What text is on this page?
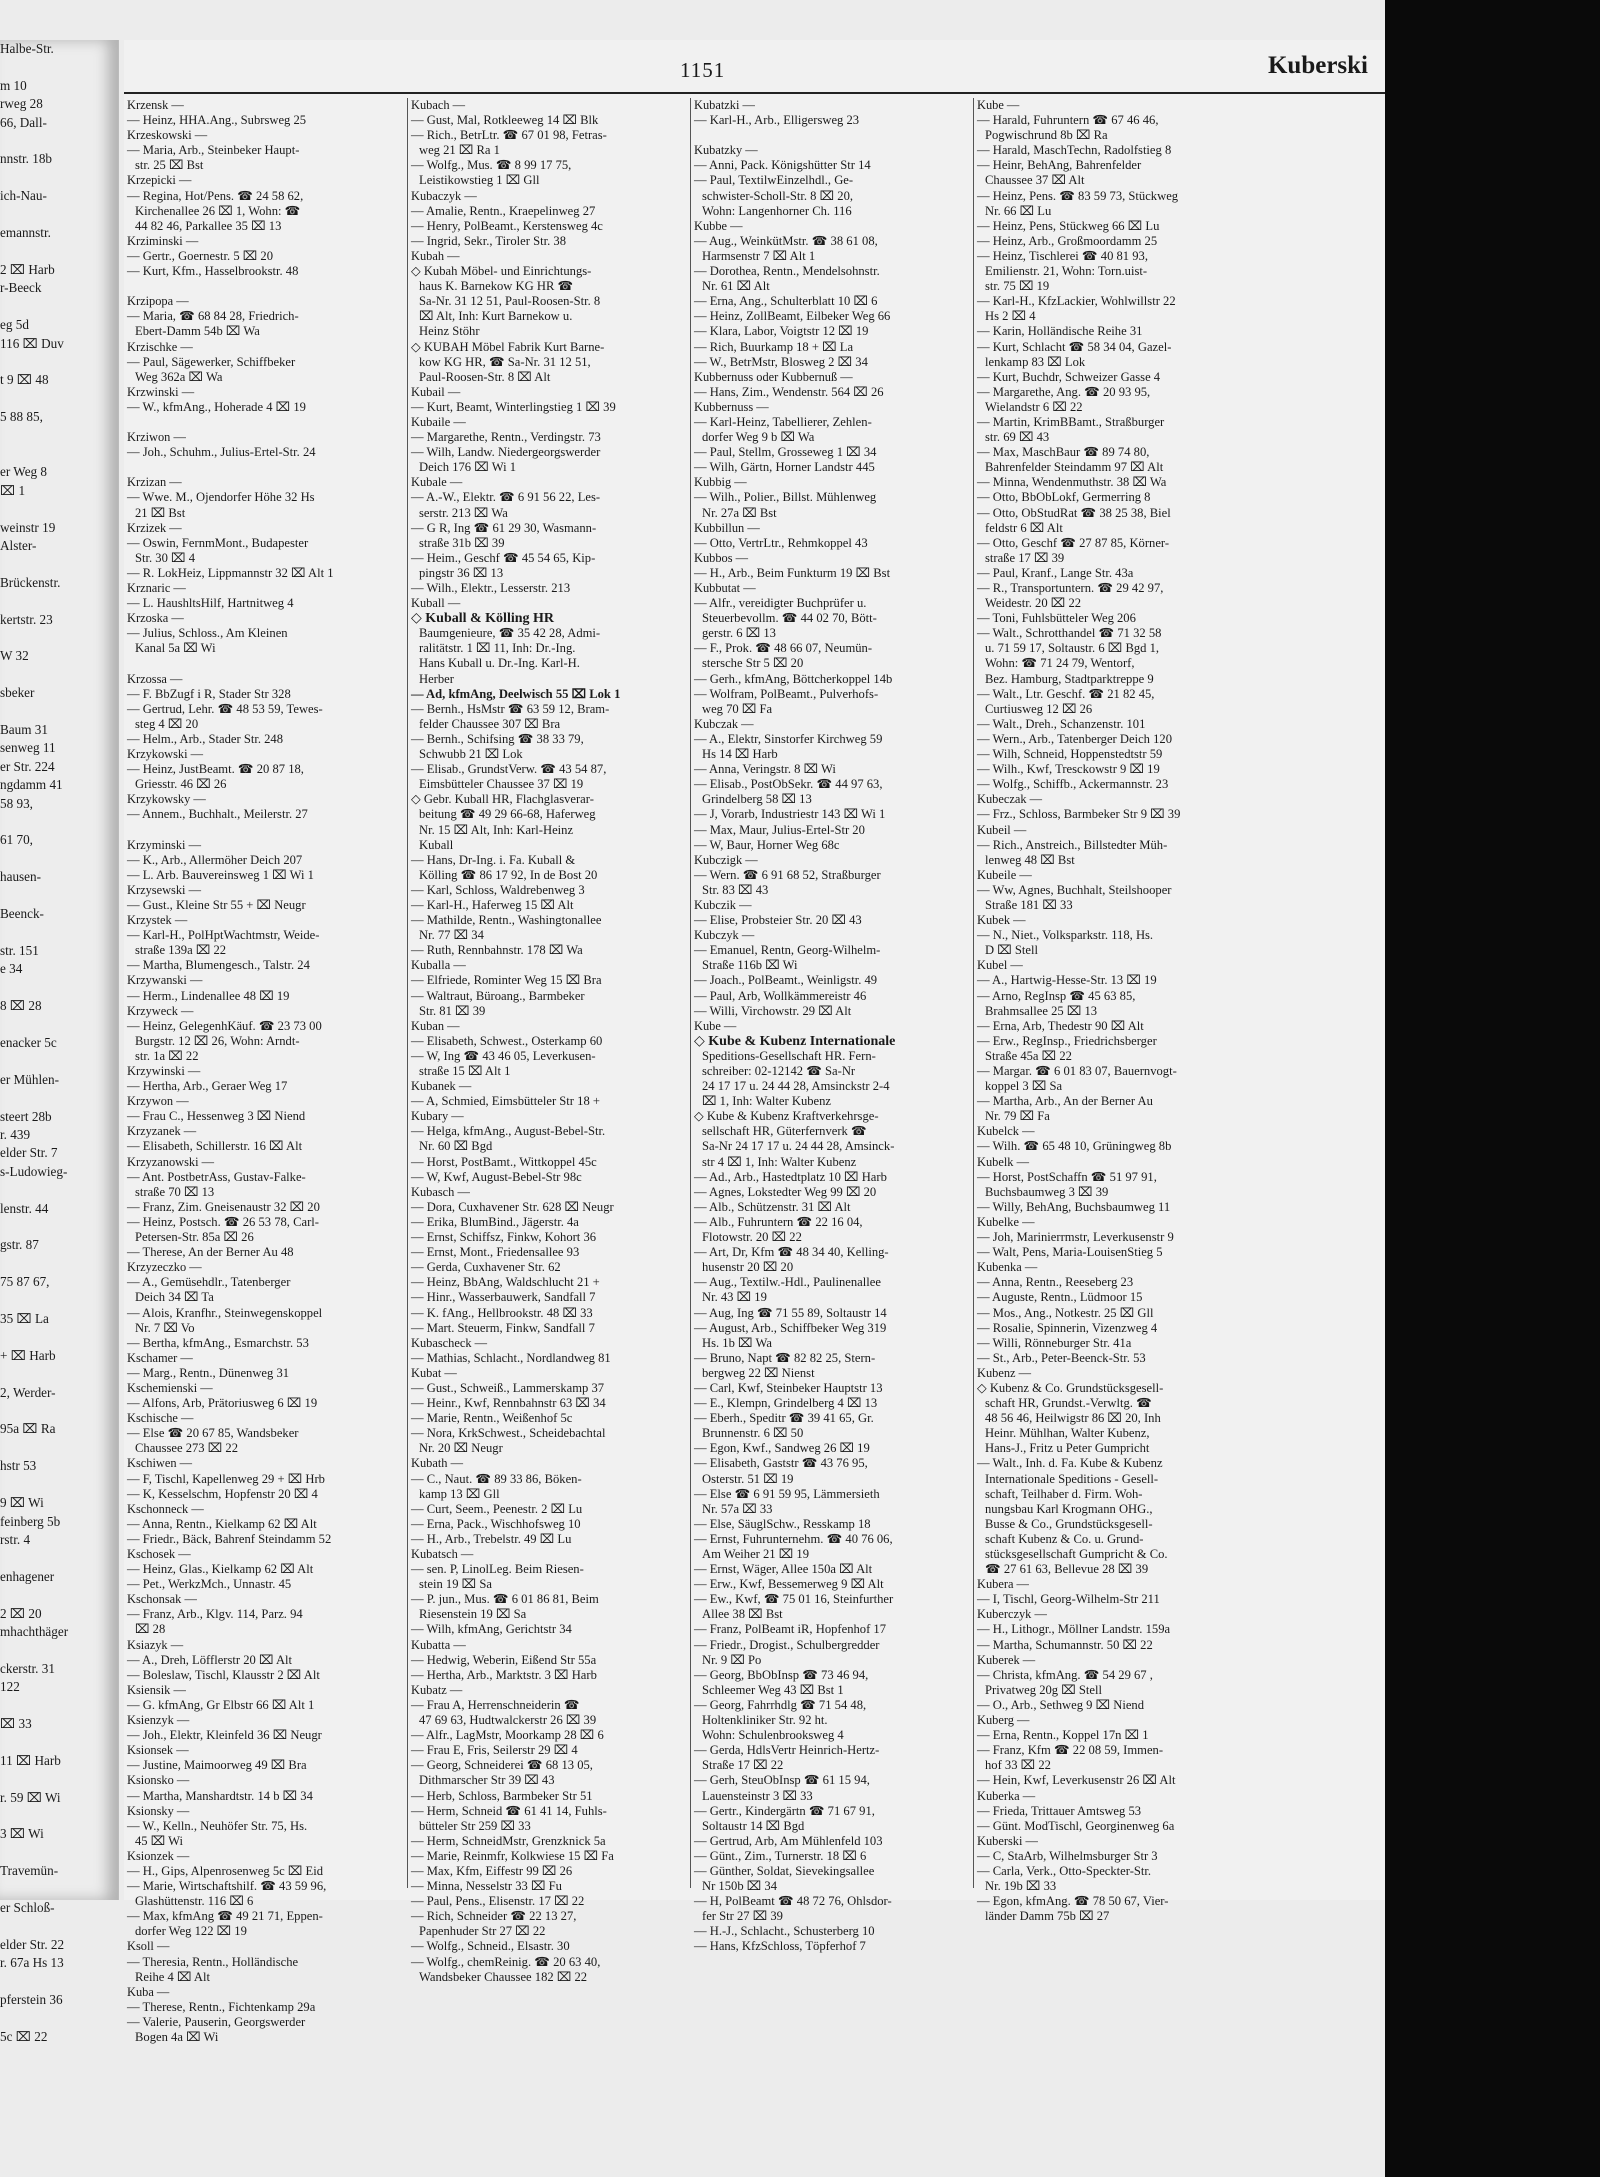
Halbe-Str.

m 10
rweg 28
66, Dall-

nnstr. 18b

ich-Nau-

emannstr.

2 ⌧ Harb
r-Beeck

eg 5d
116 ⌧ Duv

t 9 ⌧ 48

5 88 85,

er Weg 8
⌧ 1

weinstr 19
Alster-

Brückenstr.

kertstr. 23

W 32

sbeker

Baum 31
senweg 11
er Str. 224
ngdamm 41
58 93,

61 70,

hausen-

Beenck-

str. 151
e 34

8 ⌧ 28

enacker 5c

er Mühlen-

steert 28b
r. 439
elder Str. 7
s-Ludowieg-

lenstr. 44

gstr. 87

75 87 67,

35 ⌧ La

+ ⌧ Harb

2, Werder-

95a ⌧ Ra

hstr 53

9 ⌧ Wi
feinberg 5b
rstr. 4

enhagener

2 ⌧ 20
mhachthäger

ckerstr. 31
122

⌧ 33

11 ⌧ Harb

r. 59 ⌧ Wi

3 ⌧ Wi

Travemün-

er Schloß-

elder Str. 22
r. 67a Hs 13

pferstein 36

5c ⌧ 22
1151	Kuberski
Krzensk —
— Heinz, HHA.Ang., Subrsweg 25
Krzeskowski —
— Maria, Arb., Steinbeker Haupt-
str. 25 ⌧ Bst
Krzepicki —
— Regina, Hot/Pens. ☎ 24 58 62,
Kirchenallee 26 ⌧ 1, Wohn: ☎
44 82 46, Parkallee 35 ⌧ 13
Krziminski —
— Gertr., Goernestr. 5 ⌧ 20
— Kurt, Kfm., Hasselbrookstr. 48

Krzipopa —
— Maria, ☎ 68 84 28, Friedrich-
Ebert-Damm 54b ⌧ Wa
Krzischke —
— Paul, Sägewerker, Schiffbeker
Weg 362a ⌧ Wa
Krzwinski —
— W., kfmAng., Hoherade 4 ⌧ 19

Krziwon —
— Joh., Schuhm., Julius-Ertel-Str. 24

Krzizan —
— Wwe. M., Ojendorfer Höhe 32 Hs
21 ⌧ Bst
Krzizek —
— Oswin, FernmMont., Budapester
Str. 30 ⌧ 4
— R. LokHeiz, Lippmannstr 32 ⌧ Alt 1
Krznaric —
— L. HaushltsHilf, Hartnitweg 4
Krzoska —
— Julius, Schloss., Am Kleinen
Kanal 5a ⌧ Wi

Krzossa —
— F. BbZugf i R, Stader Str 328
— Gertrud, Lehr. ☎ 48 53 59, Tewes-
steg 4 ⌧ 20
— Helm., Arb., Stader Str. 248
Krzykowski —
— Heinz, JustBeamt. ☎ 20 87 18,
Griesstr. 46 ⌧ 26
Krzykowsky —
— Annem., Buchhalt., Meilerstr. 27

Krzyminski —
— K., Arb., Allermöher Deich 207
— L. Arb. Bauvereinsweg 1 ⌧ Wi 1
Krzysewski —
— Gust., Kleine Str 55 + ⌧ Neugr
Krzystek —
— Karl-H., PolHptWachtmstr, Weide-
straße 139a ⌧ 22
— Martha, Blumengesch., Talstr. 24
Krzywanski —
— Herm., Lindenallee 48 ⌧ 19
Krzyweck —
— Heinz, GelegenhKäuf. ☎ 23 73 00
Burgstr. 12 ⌧ 26, Wohn: Arndt-
str. 1a ⌧ 22
Krzywinski —
— Hertha, Arb., Geraer Weg 17
Krzywon —
— Frau C., Hessenweg 3 ⌧ Niend
Krzyzanek —
— Elisabeth, Schillerstr. 16 ⌧ Alt
Krzyzanowski —
— Ant. PostbetrAss, Gustav-Falke-
straße 70 ⌧ 13
— Franz, Zim. Gneisenaustr 32 ⌧ 20
— Heinz, Postsch. ☎ 26 53 78, Carl-
Petersen-Str. 85a ⌧ 26
— Therese, An der Berner Au 48
Krzyzeczko —
— A., Gemüsehdlr., Tatenberger
Deich 34 ⌧ Ta
— Alois, Kranfhr., Steinwegenskoppel
Nr. 7 ⌧ Vo
— Bertha, kfmAng., Esmarchstr. 53
Kschamer —
— Marg., Rentn., Dünenweg 31
Kschemienski —
— Alfons, Arb, Prätoriusweg 6 ⌧ 19
Kschische —
— Else ☎ 20 67 85, Wandsbeker
Chaussee 273 ⌧ 22
Kschiwen —
— F, Tischl, Kapellenweg 29 + ⌧ Hrb
— K, Kesselschm, Hopfenstr 20 ⌧ 4
Kschonneck —
— Anna, Rentn., Kielkamp 62 ⌧ Alt
— Friedr., Bäck, Bahrenf Steindamm 52
Kschosek —
— Heinz, Glas., Kielkamp 62 ⌧ Alt
— Pet., WerkzMch., Unnastr. 45
Kschonsak —
— Franz, Arb., Klgv. 114, Parz. 94
⌧ 28
Ksiazyk —
— A., Dreh, Löfflerstr 20 ⌧ Alt
— Boleslaw, Tischl, Klausstr 2 ⌧ Alt
Ksiensik —
— G. kfmAng, Gr Elbstr 66 ⌧ Alt 1
Ksienzyk —
— Joh., Elektr, Kleinfeld 36 ⌧ Neugr
Ksionsek —
— Justine, Maimoorweg 49 ⌧ Bra
Ksionsko —
— Martha, Manshardtstr. 14 b ⌧ 34
Ksionsky —
— W., Kelln., Neuhöfer Str. 75, Hs.
45 ⌧ Wi
Ksionzek —
— H., Gips, Alpenrosenweg 5c ⌧ Eid
— Marie, Wirtschaftshilf. ☎ 43 59 96,
Glashüttenstr. 116 ⌧ 6
— Max, kfmAng ☎ 49 21 71, Eppen-
dorfer Weg 122 ⌧ 19
Ksoll —
— Theresia, Rentn., Holländische
Reihe 4 ⌧ Alt
Kuba —
— Therese, Rentn., Fichtenkamp 29a
— Valerie, Pauserin, Georgswerder
Bogen 4a ⌧ Wi
Kubach —
— Gust, Mal, Rotkleeweg 14 ⌧ Blk
— Rich., BetrLtr. ☎ 67 01 98, Fetras-
weg 21 ⌧ Ra 1
— Wolfg., Mus. ☎ 8 99 17 75,
Leistikowstieg 1 ⌧ Gll
Kubaczyk —
— Amalie, Rentn., Kraepelinweg 27
— Henry, PolBeamt., Kerstensweg 4c
— Ingrid, Sekr., Tiroler Str. 38
Kubah —
◇ Kubah Möbel- und Einrichtungs-
haus K. Barnekow KG HR ☎
Sa-Nr. 31 12 51, Paul-Roosen-Str. 8
⌧ Alt, Inh: Kurt Barnekow u.
Heinz Stöhr
◇ KUBAH Möbel Fabrik Kurt Barne-
kow KG HR, ☎ Sa-Nr. 31 12 51,
Paul-Roosen-Str. 8 ⌧ Alt
Kubail —
— Kurt, Beamt, Winterlingstieg 1 ⌧ 39
Kubaile —
— Margarethe, Rentn., Verdingstr. 73
— Wilh, Landw. Niedergeorgswerder
Deich 176 ⌧ Wi 1
Kubale —
— A.-W., Elektr. ☎ 6 91 56 22, Les-
serstr. 213 ⌧ Wa
— G R, Ing ☎ 61 29 30, Wasmann-
straße 31b ⌧ 39
— Heim., Geschf ☎ 45 54 65, Kip-
pingstr 36 ⌧ 13
— Wilh., Elektr., Lesserstr. 213
Kuball —
◇ Kuball & Kölling HR
Baumgenieure, ☎ 35 42 28, Admi-
ralitätstr. 1 ⌧ 11, Inh: Dr.-Ing.
Hans Kuball u. Dr.-Ing. Karl-H.
Herber
— Ad, kfmAng, Deelwisch 55 ⌧ Lok 1
— Bernh., HsMstr ☎ 63 59 12, Bram-
felder Chaussee 307 ⌧ Bra
— Bernh., Schifsing ☎ 38 33 79,
Schwubb 21 ⌧ Lok
— Elisab., GrundstVerw. ☎ 43 54 87,
Eimsbütteler Chaussee 37 ⌧ 19
◇ Gebr. Kuball HR, Flachglasverar-
beitung ☎ 49 29 66-68, Haferweg
Nr. 15 ⌧ Alt, Inh: Karl-Heinz
Kuball
— Hans, Dr-Ing. i. Fa. Kuball &
Kölling ☎ 86 17 92, In de Bost 20
— Karl, Schloss, Waldrebenweg 3
— Karl-H., Haferweg 15 ⌧ Alt
— Mathilde, Rentn., Washingtonallee
Nr. 77 ⌧ 34
— Ruth, Rennbahnstr. 178 ⌧ Wa
Kuballa —
— Elfriede, Rominter Weg 15 ⌧ Bra
— Waltraut, Büroang., Barmbeker
Str. 81 ⌧ 39
Kuban —
— Elisabeth, Schwest., Osterkamp 60
— W, Ing ☎ 43 46 05, Leverkusen-
straße 15 ⌧ Alt 1
Kubanek —
— A, Schmied, Eimsbütteler Str 18 +
Kubary —
— Helga, kfmAng., August-Bebel-Str.
Nr. 60 ⌧ Bgd
— Horst, PostBamt., Wittkoppel 45c
— W, Kwf, August-Bebel-Str 98c
Kubasch —
— Dora, Cuxhavener Str. 628 ⌧ Neugr
— Erika, BlumBind., Jägerstr. 4a
— Ernst, Schiffsz, Finkw, Kohort 36
— Ernst, Mont., Friedensallee 93
— Gerda, Cuxhavener Str. 62
— Heinz, BbAng, Waldschlucht 21 +
— Hinr., Wasserbauwerk, Sandfall 7
— K. fAng., Hellbrookstr. 48 ⌧ 33
— Mart. Steuerm, Finkw, Sandfall 7
Kubascheck —
— Mathias, Schlacht., Nordlandweg 81
Kubat —
— Gust., Schweiß., Lammerskamp 37
— Heinr., Kwf, Rennbahnstr 63 ⌧ 34
— Marie, Rentn., Weißenhof 5c
— Nora, KrkSchwest., Scheidebachtal
Nr. 20 ⌧ Neugr
Kubath —
— C., Naut. ☎ 89 33 86, Böken-
kamp 13 ⌧ Gll
— Curt, Seem., Peenestr. 2 ⌧ Lu
— Erna, Pack., Wischhofsweg 10
— H., Arb., Trebelstr. 49 ⌧ Lu
Kubatsch —
— sen. P, LinolLeg. Beim Riesen-
stein 19 ⌧ Sa
— P. jun., Mus. ☎ 6 01 86 81, Beim
Riesenstein 19 ⌧ Sa
— Wilh, kfmAng, Gerichtstr 34
Kubatta —
— Hedwig, Weberin, Eißend Str 55a
— Hertha, Arb., Marktstr. 3 ⌧ Harb
Kubatz —
— Frau A, Herrenschneiderin ☎
47 69 63, Hudtwalckerstr 26 ⌧ 39
— Alfr., LagMstr, Moorkamp 28 ⌧ 6
— Frau E, Fris, Seilerstr 29 ⌧ 4
— Georg, Schneiderei ☎ 68 13 05,
Dithmarscher Str 39 ⌧ 43
— Herb, Schloss, Barmbeker Str 51
— Herm, Schneid ☎ 61 41 14, Fuhls-
bütteler Str 259 ⌧ 33
— Herm, SchneidMstr, Grenzknick 5a
— Marie, Reinmfr, Kolkwiese 15 ⌧ Fa
— Max, Kfm, Eiffestr 99 ⌧ 26
— Minna, Nesselstr 33 ⌧ Fu
— Paul, Pens., Elisenstr. 17 ⌧ 22
— Rich, Schneider ☎ 22 13 27,
Papenhuder Str 27 ⌧ 22
— Wolfg., Schneid., Elsastr. 30
— Wolfg., chemReinig. ☎ 20 63 40,
Wandsbeker Chaussee 182 ⌧ 22
Kubatzki —
— Karl-H., Arb., Elligersweg 23

Kubatzky —
— Anni, Pack. Königshütter Str 14
— Paul, TextilwEinzelhdl., Ge-
schwister-Scholl-Str. 8 ⌧ 20,
Wohn: Langenhorner Ch. 116
Kubbe —
— Aug., WeinkütMstr. ☎ 38 61 08,
Harmsenstr 7 ⌧ Alt 1
— Dorothea, Rentn., Mendelsohnstr.
Nr. 61 ⌧ Alt
— Erna, Ang., Schulterblatt 10 ⌧ 6
— Heinz, ZollBeamt, Eilbeker Weg 66
— Klara, Labor, Voigtstr 12 ⌧ 19
— Rich, Buurkamp 18 + ⌧ La
— W., BetrMstr, Blosweg 2 ⌧ 34
Kubbernuss oder Kubbernuß —
— Hans, Zim., Wendenstr. 564 ⌧ 26
Kubbernuss —
— Karl-Heinz, Tabellierer, Zehlen-
dorfer Weg 9 b ⌧ Wa
— Paul, Stellm, Grosseweg 1 ⌧ 34
— Wilh, Gärtn, Horner Landstr 445
Kubbig —
— Wilh., Polier., Billst. Mühlenweg
Nr. 27a ⌧ Bst
Kubbillun —
— Otto, VertrLtr., Rehmkoppel 43
Kubbos —
— H., Arb., Beim Funkturm 19 ⌧ Bst
Kubbutat —
— Alfr., vereidigter Buchprüfer u.
Steuerbevollm. ☎ 44 02 70, Bött-
gerstr. 6 ⌧ 13
— F., Prok. ☎ 48 66 07, Neumün-
stersche Str 5 ⌧ 20
— Gerh., kfmAng, Böttcherkoppel 14b
— Wolfram, PolBeamt., Pulverhofs-
weg 70 ⌧ Fa
Kubczak —
— A., Elektr, Sinstorfer Kirchweg 59
Hs 14 ⌧ Harb
— Anna, Veringstr. 8 ⌧ Wi
— Elisab., PostObSekr. ☎ 44 97 63,
Grindelberg 58 ⌧ 13
— J, Vorarb, Industriestr 143 ⌧ Wi 1
— Max, Maur, Julius-Ertel-Str 20
— W, Baur, Horner Weg 68c
Kubczigk —
— Wern. ☎ 6 91 68 52, Straßburger
Str. 83 ⌧ 43
Kubczik —
— Elise, Probsteier Str. 20 ⌧ 43
Kubczyk —
— Emanuel, Rentn, Georg-Wilhelm-
Straße 116b ⌧ Wi
— Joach., PolBeamt., Weinligstr. 49
— Paul, Arb, Wollkämmereistr 46
— Willi, Virchowstr. 29 ⌧ Alt
Kube —
◇ Kube & Kubenz Internationale
Speditions-Gesellschaft HR. Fern-
schreiber: 02-12142 ☎ Sa-Nr
24 17 17 u. 24 44 28, Amsinckstr 2-4
⌧ 1, Inh: Walter Kubenz
◇ Kube & Kubenz Kraftverkehrsge-
sellschaft HR, Güterfernverk ☎
Sa-Nr 24 17 17 u. 24 44 28, Amsinck-
str 4 ⌧ 1, Inh: Walter Kubenz
— Ad., Arb., Hastedtplatz 10 ⌧ Harb
— Agnes, Lokstedter Weg 99 ⌧ 20
— Alb., Schützenstr. 31 ⌧ Alt
— Alb., Fuhruntern ☎ 22 16 04,
Flotowstr. 20 ⌧ 22
— Art, Dr, Kfm ☎ 48 34 40, Kelling-
husenstr 20 ⌧ 20
— Aug., Textilw.-Hdl., Paulinenallee
Nr. 43 ⌧ 19
— Aug, Ing ☎ 71 55 89, Soltaustr 14
— August, Arb., Schiffbeker Weg 319
Hs. 1b ⌧ Wa
— Bruno, Napt ☎ 82 82 25, Stern-
bergweg 22 ⌧ Nienst
— Carl, Kwf, Steinbeker Hauptstr 13
— E., Klempn, Grindelberg 4 ⌧ 13
— Eberh., Speditr ☎ 39 41 65, Gr.
Brunnenstr. 6 ⌧ 50
— Egon, Kwf., Sandweg 26 ⌧ 19
— Elisabeth, Gaststr ☎ 43 76 95,
Osterstr. 51 ⌧ 19
— Else ☎ 6 91 59 95, Lämmersieth
Nr. 57a ⌧ 33
— Else, SäuglSchw., Resskamp 18
— Ernst, Fuhrunternehm. ☎ 40 76 06,
Am Weiher 21 ⌧ 19
— Ernst, Wäger, Allee 150a ⌧ Alt
— Erw., Kwf, Bessemerweg 9 ⌧ Alt
— Ew., Kwf, ☎ 75 01 16, Steinfurther
Allee 38 ⌧ Bst
— Franz, PolBeamt iR, Hopfenhof 17
— Friedr., Drogist., Schulbergredder
Nr. 9 ⌧ Po
— Georg, BbObInsp ☎ 73 46 94,
Schleemer Weg 43 ⌧ Bst 1
— Georg, Fahrrhdlg ☎ 71 54 48,
Holtenkliniker Str. 92 ht.
Wohn: Schulenbrooksweg 4
— Gerda, HdlsVertr Heinrich-Hertz-
Straße 17 ⌧ 22
— Gerh, SteuObInsp ☎ 61 15 94,
Lauensteinstr 3 ⌧ 33
— Gertr., Kindergärtn ☎ 71 67 91,
Soltaustr 14 ⌧ Bgd
— Gertrud, Arb, Am Mühlenfeld 103
— Günt., Zim., Turnerstr. 18 ⌧ 6
— Günther, Soldat, Sievekingsallee
Nr 150b ⌧ 34
— H, PolBeamt ☎ 48 72 76, Ohlsdor-
fer Str 27 ⌧ 39
— H.-J., Schlacht., Schusterberg 10
— Hans, KfzSchloss, Töpferhof 7
Kube —
— Harald, Fuhruntern ☎ 67 46 46,
Pogwischrund 8b ⌧ Ra
— Harald, MaschTechn, Radolfstieg 8
— Heinr, BehAng, Bahrenfelder
Chaussee 37 ⌧ Alt
— Heinz, Pens. ☎ 83 59 73, Stückweg
Nr. 66 ⌧ Lu
— Heinz, Pens, Stückweg 66 ⌧ Lu
— Heinz, Arb., Großmoordamm 25
— Heinz, Tischlerei ☎ 40 81 93,
Emilienstr. 21, Wohn: Torn.uist-
str. 75 ⌧ 19
— Karl-H., KfzLackier, Wohlwillstr 22
Hs 2 ⌧ 4
— Karin, Holländische Reihe 31
— Kurt, Schlacht ☎ 58 34 04, Gazel-
lenkamp 83 ⌧ Lok
— Kurt, Buchdr, Schweizer Gasse 4
— Margarethe, Ang. ☎ 20 93 95,
Wielandstr 6 ⌧ 22
— Martin, KrimBBamt., Straßburger
str. 69 ⌧ 43
— Max, MaschBaur ☎ 89 74 80,
Bahrenfelder Steindamm 97 ⌧ Alt
— Minna, Wendenmuthstr. 38 ⌧ Wa
— Otto, BbObLokf, Germerring 8
— Otto, ObStudRat ☎ 38 25 38, Biel
feldstr 6 ⌧ Alt
— Otto, Geschf ☎ 27 87 85, Körner-
straße 17 ⌧ 39
— Paul, Kranf., Lange Str. 43a
— R., Transportuntern. ☎ 29 42 97,
Weidestr. 20 ⌧ 22
— Toni, Fuhlsbütteler Weg 206
— Walt., Schrotthandel ☎ 71 32 58
u. 71 59 17, Soltaustr. 6 ⌧ Bgd 1,
Wohn: ☎ 71 24 79, Wentorf,
Bez. Hamburg, Stadtparktreppe 9
— Walt., Ltr. Geschf. ☎ 21 82 45,
Curtiusweg 12 ⌧ 26
— Walt., Dreh., Schanzenstr. 101
— Wern., Arb., Tatenberger Deich 120
— Wilh, Schneid, Hoppenstedtstr 59
— Wilh., Kwf, Tresckowstr 9 ⌧ 19
— Wolfg., Schiffb., Ackermannstr. 23
Kubeczak —
— Frz., Schloss, Barmbeker Str 9 ⌧ 39
Kubeil —
— Rich., Anstreich., Billstedter Müh-
lenweg 48 ⌧ Bst
Kubeile —
— Ww, Agnes, Buchhalt, Steilshooper
Straße 181 ⌧ 33
Kubek —
— N., Niet., Volksparkstr. 118, Hs.
D ⌧ Stell
Kubel —
— A., Hartwig-Hesse-Str. 13 ⌧ 19
— Arno, RegInsp ☎ 45 63 85,
Brahmsallee 25 ⌧ 13
— Erna, Arb, Thedestr 90 ⌧ Alt
— Erw., RegInsp., Friedrichsberger
Straße 45a ⌧ 22
— Margar. ☎ 6 01 83 07, Bauernvogt-
koppel 3 ⌧ Sa
— Martha, Arb., An der Berner Au
Nr. 79 ⌧ Fa
Kubelck —
— Wilh. ☎ 65 48 10, Grüningweg 8b
Kubelk —
— Horst, PostSchaffn ☎ 51 97 91,
Buchsbaumweg 3 ⌧ 39
— Willy, BehAng, Buchsbaumweg 11
Kubelke —
— Joh, Marinierrmstr, Leverkusenstr 9
— Walt, Pens, Maria-LouisenStieg 5
Kubenka —
— Anna, Rentn., Reeseberg 23
— Auguste, Rentn., Lüdmoor 15
— Mos., Ang., Notkestr. 25 ⌧ Gll
— Rosalie, Spinnerin, Vizenzweg 4
— Willi, Rönneburger Str. 41a
— St., Arb., Peter-Beenck-Str. 53
Kubenz —
◇ Kubenz & Co. Grundstücksgesell-
schaft HR, Grundst.-Verwltg. ☎
48 56 46, Heilwigstr 86 ⌧ 20, Inh
Heinr. Mühlhan, Walter Kubenz,
Hans-J., Fritz u Peter Gumpricht
— Walt., Inh. d. Fa. Kube & Kubenz
Internationale Speditions - Gesell-
schaft, Teilhaber d. Firm. Woh-
nungsbau Karl Krogmann OHG.,
Busse & Co., Grundstücksgesell-
schaft Kubenz & Co. u. Grund-
stücksgesellschaft Gumpricht & Co.
☎ 27 61 63, Bellevue 28 ⌧ 39
Kubera —
— I, Tischl, Georg-Wilhelm-Str 211
Kuberczyk —
— H., Lithogr., Möllner Landstr. 159a
— Martha, Schumannstr. 50 ⌧ 22
Kuberek —
— Christa, kfmAng. ☎ 54 29 67 ,
Privatweg 20g ⌧ Stell
— O., Arb., Sethweg 9 ⌧ Niend
Kuberg —
— Erna, Rentn., Koppel 17n ⌧ 1
— Franz, Kfm ☎ 22 08 59, Immen-
hof 33 ⌧ 22
— Hein, Kwf, Leverkusenstr 26 ⌧ Alt
Kuberka —
— Frieda, Trittauer Amtsweg 53
— Günt. ModTischl, Georginenweg 6a
Kuberski —
— C, StaArb, Wilhelmsburger Str 3
— Carla, Verk., Otto-Speckter-Str.
Nr. 19b ⌧ 33
— Egon, kfmAng. ☎ 78 50 67, Vier-
länder Damm 75b ⌧ 27
